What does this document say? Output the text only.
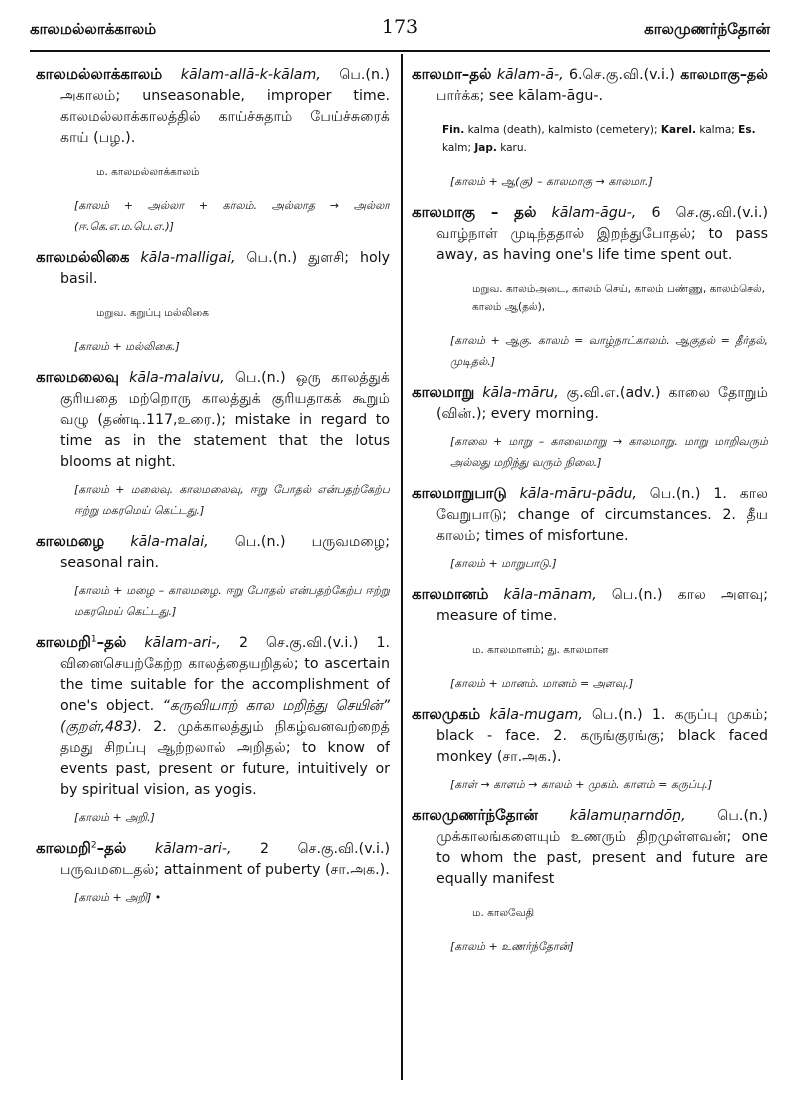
காலமல்லாக்காலம்	173	காலமுணர்ந்தோன்

காலமல்லாக்காலம் kālam-allā-k-kālam, பெ.(n.) அகாலம்; unseasonable, improper time. காலமல்லாக்காலத்தில் காய்ச்சுதாம் பேய்ச்சுரைக் காய் (பழ.).

ம. காலமல்லாக்காலம்
[காலம் + அல்லா + காலம். அல்லாத → அல்லா (ஈ.கெ.எ.ம.பெ.எ.)]

காலமல்லிகை kāla-malligai, பெ.(n.) துளசி; holy basil.

மறுவ. கறுப்பு மல்லிகை
[காலம் + மல்லிகை.]

காலமலைவு kāla-malaivu, பெ.(n.) ஒரு காலத்துக் குரியதை மற்றொரு காலத்துக் குரியதாகக் கூறும் வழு (தண்டி.117,உரை.); mistake in regard to time as in the statement that the lotus blooms at night.

[காலம் + மலைவு. காலமலைவு, ஈறு போதல் என்பதற்கேற்ப ஈற்று மகரமெய் கெட்டது.]

காலமழை kāla-malai, பெ.(n.) பருவமழை; seasonal rain.

[காலம் + மழை – காலமழை. ஈறு போதல் என்பதற்கேற்ப ஈற்று மகரமெய் கெட்டது.]

காலமறி$^1$–தல் kālam-ari-, 2 செ.கு.வி.(v.i.) 1. வினைசெயற்கேற்ற காலத்தையறிதல்; to ascertain the time suitable for the accomplishment of one's object. “கருவியாற் கால மறிந்து செயின்” (குறள்,483). 2. முக்காலத்தும் நிகழ்வனவற்றைத் தமது சிறப்பு ஆற்றலால் அறிதல்; to know of events past, present or future, intuitively or by spiritual vision, as yogis.

[காலம் + அறி.]

காலமறி$^2$–தல் kālam-ari-, 2 செ.கு.வி.(v.i.) பருவமடைதல்; attainment of puberty (சா.அக.).

[காலம் + அறி] •

காலமா–தல் kālam-ā-, 6.செ.கு.வி.(v.i.) காலமாகு–தல் பார்க்க; see kālam-āgu-.

Fin. kalma (death), kalmisto (cemetery); Karel. kalma; Es. kalm; Jap. karu.
[காலம் + ஆ(கு) – காலமாகு → காலமா.]

காலமாகு – தல் kālam-āgu-, 6 செ.கு.வி.(v.i.) வாழ்நாள் முடிந்ததால் இறந்துபோதல்; to pass away, as having one's life time spent out.

மறுவ. காலம்அடை, காலம் செய், காலம் பண்ணு, காலம்செல், காலம் ஆ(தல்),
[காலம் + ஆகு. காலம் = வாழ்நாட்காலம். ஆகுதல் = தீர்தல், முடிதல்.]

காலமாறு kāla-māru, கு.வி.எ.(adv.) காலை தோறும் (வின்.); every morning.

[காலை + மாறு – காலைமாறு → காலமாறு. மாறு மாறிவரும் அல்லது மறிந்து வரும் நிலை.]

காலமாறுபாடு kāla-māru-pādu, பெ.(n.) 1. கால வேறுபாடு; change of circumstances. 2. தீய காலம்; times of misfortune.

[காலம் + மாறுபாடு.]

காலமானம் kāla-mānam, பெ.(n.) கால அளவு; measure of time.

ம. காலமானம்; து. காலமான
[காலம் + மானம். மானம் = அளவு.]

காலமுகம் kāla-mugam, பெ.(n.) 1. கருப்பு முகம்; black - face. 2. கருங்குரங்கு; black faced monkey (சா.அக.).

[காள் → காளம் → காலம் + முகம். காளம் = கருப்பு.]

காலமுணர்ந்தோன் kālamuṇarndōṉ, பெ.(n.) முக்காலங்களையும் உணரும் திறமுள்ளவன்; one to whom the past, present and future are equally manifest

ம. காலவேதி
[காலம் + உணர்ந்தோன்]
